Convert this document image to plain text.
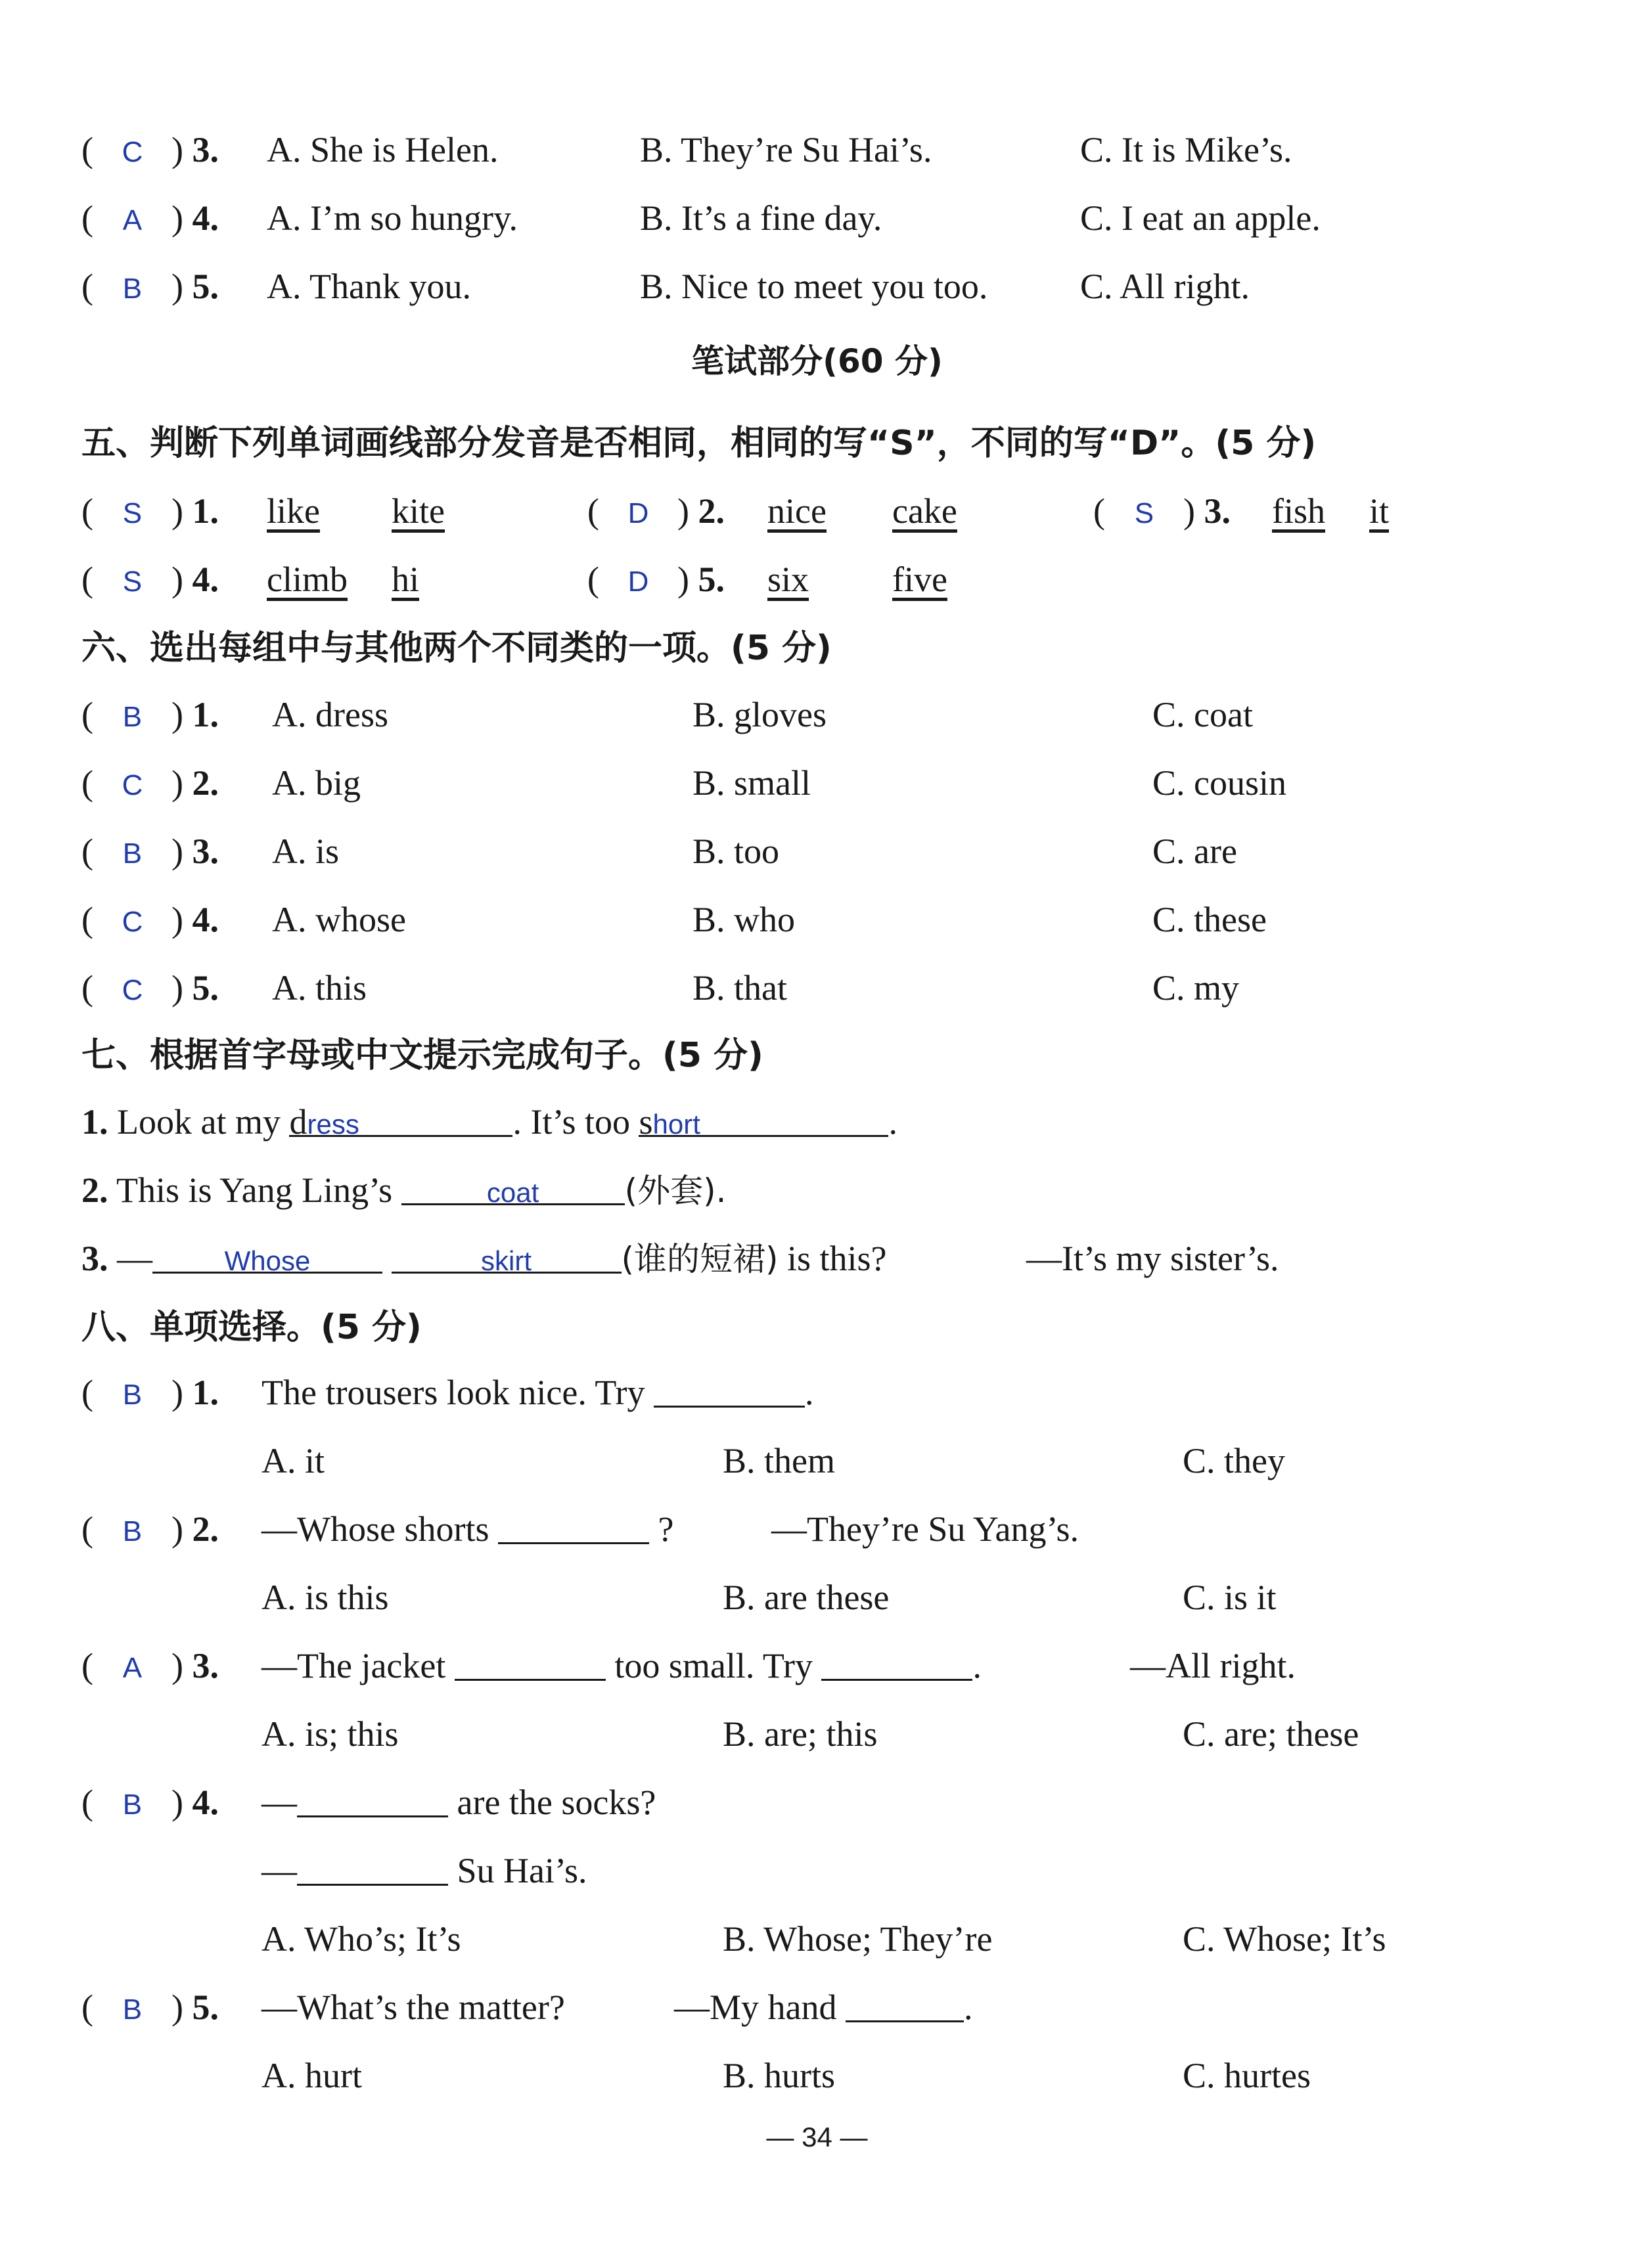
( C ) 3. A. She is Helen.	B. They’re Su Hai’s.	C. It is Mike’s.
( A ) 4. A. I’m so hungry.	B. It’s a fine day.	C. I eat an apple.
( B ) 5. A. Thank you.	B. Nice to meet you too.	C. All right.
笔试部分(60 分)
五、判断下列单词画线部分发音是否相同，相同的写“S”，不同的写“D”。(5 分)
( S ) 1. like kite	( D ) 2. nice cake	( S ) 3. fish it
( S ) 4. climb hi	( D ) 5. six five
六、选出每组中与其他两个不同类的一项。(5 分)
( B ) 1. A. dress	B. gloves	C. coat
( C ) 2. A. big	B. small	C. cousin
( B ) 3. A. is	B. too	C. are
( C ) 4. A. whose	B. who	C. these
( C ) 5. A. this	B. that	C. my
七、根据首字母或中文提示完成句子。(5 分)
1. Look at my dress	. It’s too short	.
2. This is Yang Ling’s	coat	(外套).
3. —	Whose	skirt	(谁的短裙) is this?	—It’s my sister’s.
八、单项选择。(5 分)
( B ) 1. The trousers look nice. Try	.
A. it	B. them	C. they
( B ) 2. —Whose shorts	?	—They’re Su Yang’s.
A. is this	B. are these	C. is it
( A ) 3. —The jacket	too small. Try	.	—All right.
A. is; this	B. are; this	C. are; these
( B ) 4. —	are the socks?
—	Su Hai’s.
A. Who’s; It’s	B. Whose; They’re	C. Whose; It’s
( B ) 5. —What’s the matter?	—My hand	.
A. hurt	B. hurts	C. hurtes
— 34 —
